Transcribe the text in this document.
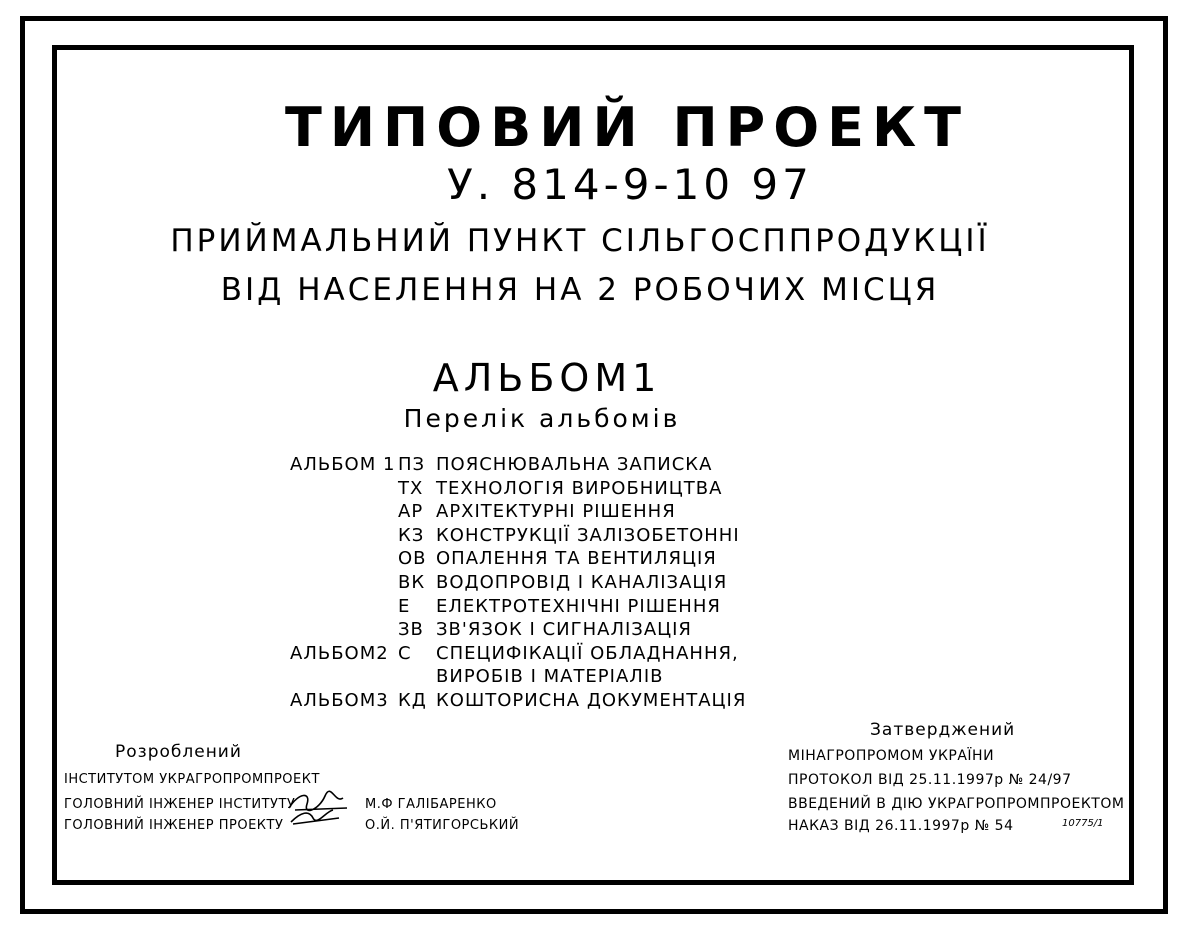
ТИПОВИЙ ПРОЕКТ
У. 814-9-10 97
ПРИЙМАЛЬНИЙ ПУНКТ СІЛЬГОСППРОДУКЦІЇ
ВІД НАСЕЛЕННЯ НА 2 РОБОЧИХ МІСЦЯ
АЛЬБОМ1
Перелік альбомів
АЛЬБОМ 1 ПЗ ПОЯСНЮВАЛЬНА ЗАПИСКА
ТХ ТЕХНОЛОГІЯ ВИРОБНИЦТВА
АР АРХІТЕКТУРНІ РІШЕННЯ
КЗ КОНСТРУКЦІЇ ЗАЛІЗОБЕТОННІ
ОВ ОПАЛЕННЯ ТА ВЕНТИЛЯЦІЯ
ВК ВОДОПРОВІД І КАНАЛІЗАЦІЯ
Е	ЕЛЕКТРОТЕХНІЧНІ РІШЕННЯ
ЗВ ЗВ'ЯЗОК І СИГНАЛІЗАЦІЯ
АЛЬБОМ2 С	СПЕЦИФІКАЦІЇ ОБЛАДНАННЯ,
ВИРОБІВ І МАТЕРІАЛІВ
АЛЬБОМ3 КД КОШТОРИСНА ДОКУМЕНТАЦІЯ
Розроблений
ІНСТИТУТОМ УКРАГРОПРОМПРОЕКТ
ГОЛОВНИЙ ІНЖЕНЕР ІНСТИТУТУ	М.Ф ГАЛІБАРЕНКО
ГОЛОВНИЙ ІНЖЕНЕР ПРОЕКТУ	О.Й. П'ЯТИГОРСЬКИЙ
Затверджений
МІНАГРОПРОМОМ УКРАЇНИ
ПРОТОКОЛ ВІД 25.11.1997р № 24/97
ВВЕДЕНИЙ В ДІЮ УКРАГРОПРОМПРОЕКТОМ
НАКАЗ ВІД 26.11.1997р № 54	10775/1
